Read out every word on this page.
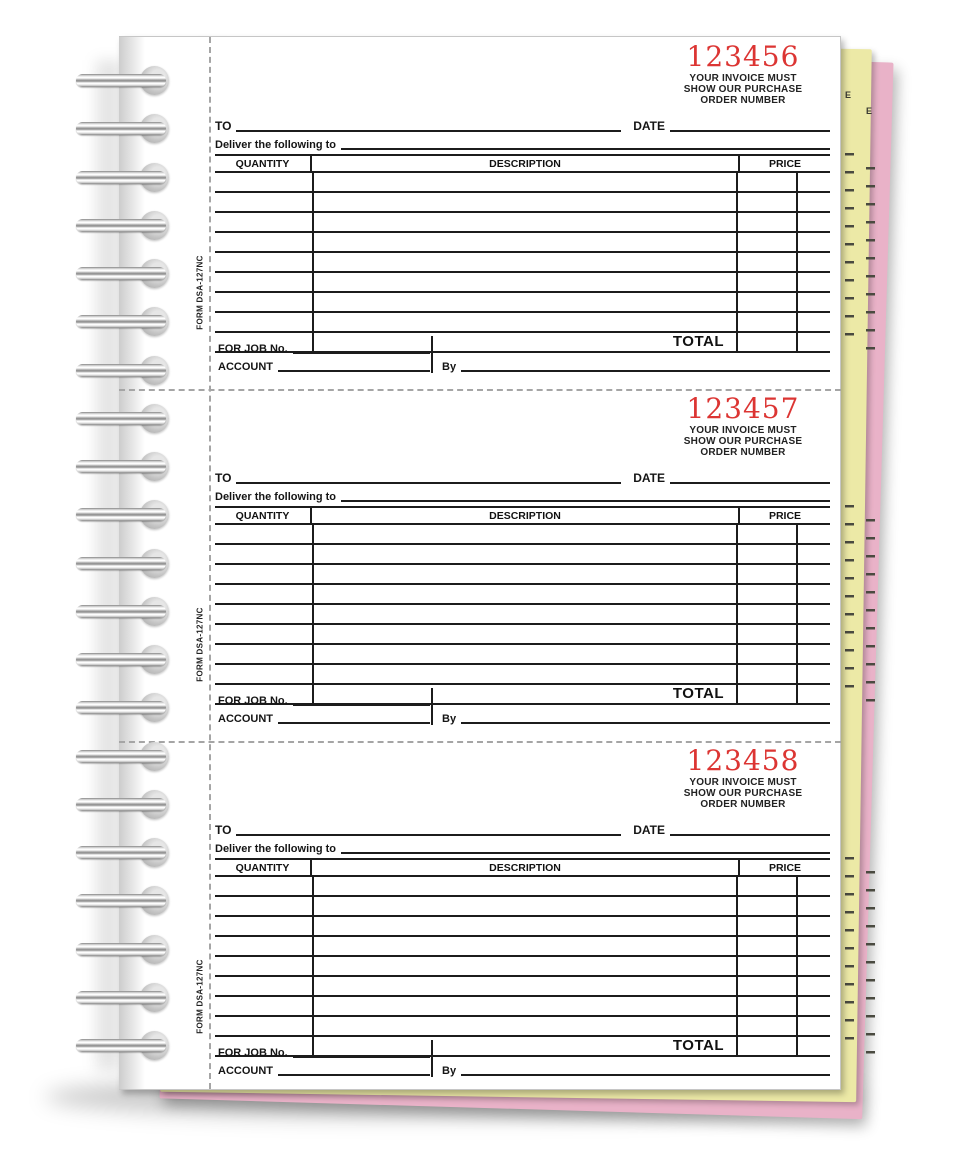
E
E
123456
YOUR INVOICE MUST
SHOW OUR PURCHASE
ORDER NUMBER
TO	DATE
Deliver the following to
QUANTITY	DESCRIPTION	PRICE
TOTAL
FOR JOB No.
ACCOUNT	By
FORM DSA-127NC
123457
YOUR INVOICE MUST
SHOW OUR PURCHASE
ORDER NUMBER
TO	DATE
Deliver the following to
QUANTITY	DESCRIPTION	PRICE
TOTAL
FOR JOB No.
ACCOUNT	By
FORM DSA-127NC
123458
YOUR INVOICE MUST
SHOW OUR PURCHASE
ORDER NUMBER
TO	DATE
Deliver the following to
QUANTITY	DESCRIPTION	PRICE
TOTAL
FOR JOB No.
ACCOUNT	By
FORM DSA-127NC
